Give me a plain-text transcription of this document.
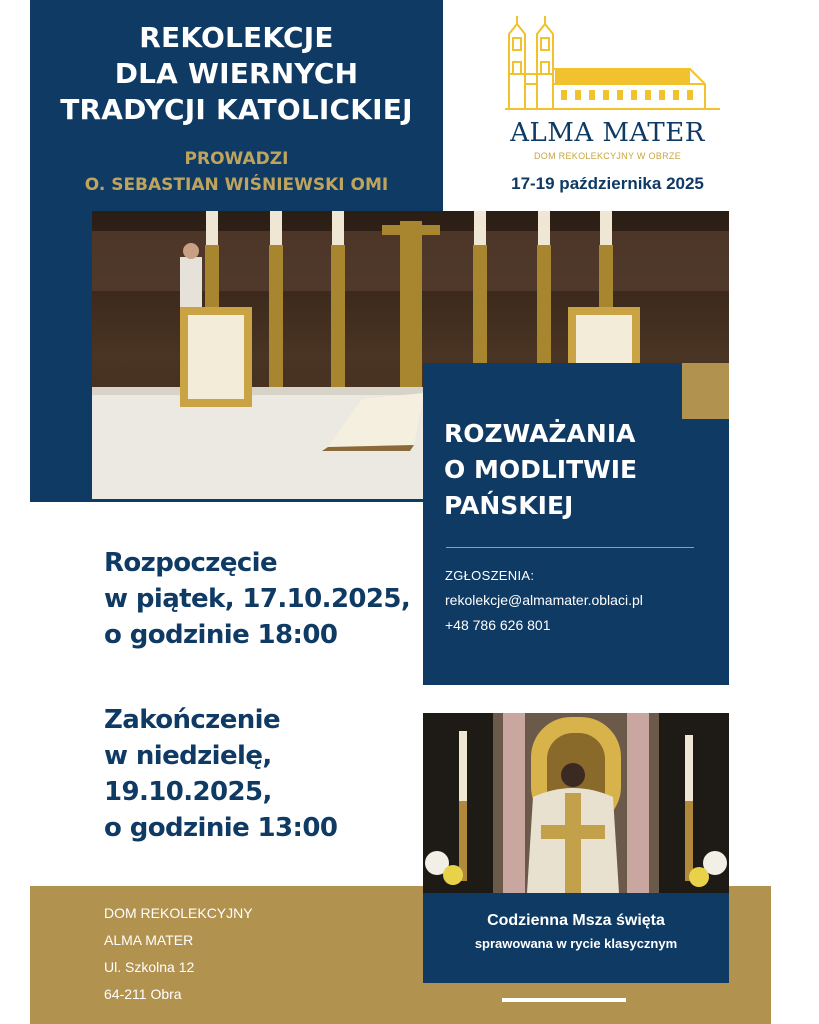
REKOLEKCJE
DLA WIERNYCH
TRADYCJI KATOLICKIEJ
PROWADZI
O. SEBASTIAN WIŚNIEWSKI OMI
ALMA MATER
DOM REKOLEKCYJNY W OBRZE
17-19 października 2025
ROZWAŻANIA
O MODLITWIE
PAŃSKIEJ
ZGŁOSZENIA:
rekolekcje@almamater.oblaci.pl
+48 786 626 801
Rozpoczęcie
w piątek, 17.10.2025,
o godzinie 18:00
Zakończenie
w niedzielę,
19.10.2025,
o godzinie 13:00
DOM REKOLEKCYJNY
ALMA MATER
Ul. Szkolna 12
64-211 Obra
Codzienna Msza święta
sprawowana w rycie klasycznym
